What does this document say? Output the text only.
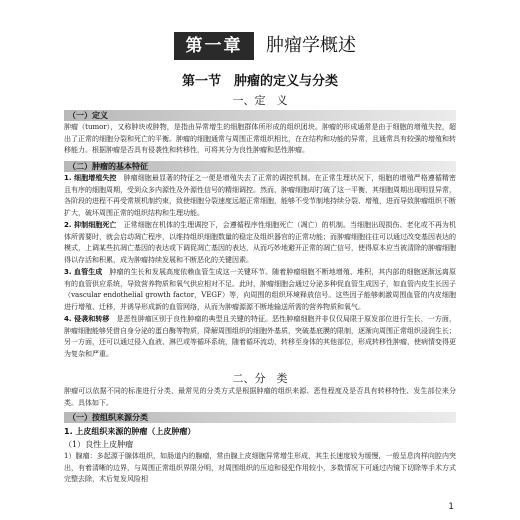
第一章	肿瘤学概述
第一节　肿瘤的定义与分类
一、定　义
（一）定义

肿瘤（tumor），又称肿块或肿物，是指由异常增生的细胞群体所形成的组织团块。肿瘤的形成通常是由于细胞的增殖失控，超出了正常的细胞分裂和死亡的平衡。肿瘤的细胞通常与周围正常组织相比，在在结构和功能的异常，且通常具有较强的增殖和转移能力。根据肿瘤是否具有侵袭性和转移性，可将其分为良性肿瘤和恶性肿瘤。

（二）肿瘤的基本特征

1. 细胞增殖失控　 肿瘤细胞最显著的特征之一便是增殖失去了正常的调控机制。在正常生理状况下，细胞的增殖严格遵循精密且有序的细胞周期，受到众多内源性及外源性信号的精细调控。然而，肿瘤细胞却打破了这一平衡，其细胞周期出现明显异常，各阶段的进程不再受常规机制约束，致使细胞分裂速度远超正常细胞，能够不受节制地持续分裂、增殖，进而导致肿瘤组织不断扩大，破坏周围正常的组织结构和生理功能。

2. 抑制细胞死亡　 正常细胞在机体的生理调控下，会遵循程序性细胞死亡（凋亡）的机制。当细胞出现损伤、老化或不再为机体所需要时，就会启动凋亡程序，以维持组织细胞数量的稳定及组织器官的正常功能；而肿瘤细胞往往可以通过改变基因表达的模式，上调某些抗凋亡基因的表达或下调促凋亡基因的表达，从而巧妙地避开正常的凋亡信号，使得原本应当被清除的肿瘤细胞得以存活和积累，成为肿瘤持续发展和不断恶化的关键因素。

3. 血管生成　 肿瘤的生长和发展高度依赖血管生成这一关键环节。随着肿瘤细胞不断地增殖、堆积，其内部的细胞逐渐远离原有的血管供应系统，导致营养物质和氧气供应相对不足。此时，肿瘤细胞会通过分泌多种促血管生成因子，如血管内皮生长因子（vascular endothelial growth factor，VEGF）等，向周围的组织环境释放信号。这些因子能够刺激周围血管的内皮细胞进行增殖、迁移，并诱导形成新的血管网络，从而为肿瘤源源不断地输送所需的营养物质和氧气。

4. 侵袭和转移　 是恶性肿瘤区别于良性肿瘤的典型且关键的特征。恶性肿瘤细胞并非仅仅局限于原发部位进行生长，一方面，肿瘤细胞能够凭借自身分泌的蛋白酶等物质，降解周围组织的细胞外基质，突破基底膜的限制，逐渐向周围正常组织浸润生长；另一方面，还可以通过侵入血液、淋巴或等循环系统，随着循环流动，转移至身体的其他部位，形成转移性肿瘤，使病情变得更为复杂和严重。

二、分　类

肿瘤可以依据不同的标准进行分类，最常见的分类方式是根据肿瘤的组织来源、恶性程度及是否具有转移特性、发生部位来分类。具体如下。

（一）按组织来源分类
1. 上皮组织来源的肿瘤（上皮肿瘤）
（1）良性上皮肿瘤

1）腺瘤：多起源于腺体组织，如肠道内的腺瘤，常由腺上皮细胞异常增生形成，其生长速度较为缓慢，一般呈息肉样向腔内突出，有着清晰的边界，与周围正常组织界限分明，对周围组织的压迫和侵犯作用较小，多数情况下可通过内镜下切除等手术方式完整去除，术后复发风险相

1
